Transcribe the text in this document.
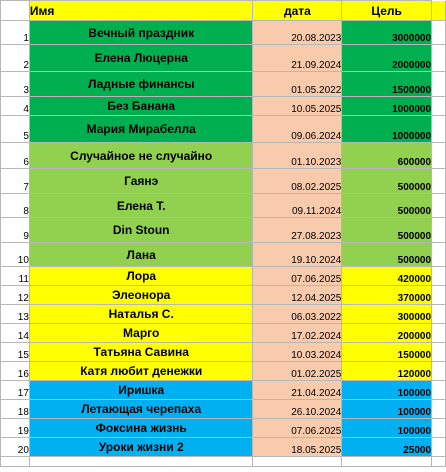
	Имя	дата	Цель	
1	Вечный праздник	20.08.2023	3000000	
2	Елена Люцерна	21.09.2024	2000000	
3	Ладные финансы	01.05.2022	1500000	
4	Без Банана	10.05.2025	1000000	
5	Мария Мирабелла	09.06.2024	1000000	
6	Случайное не случайно	01.10.2023	600000	
7	Гаянэ	08.02.2025	500000	
8	Елена Т.	09.11.2024	500000	
9	Din Stoun	27.08.2023	500000	
10	Лана	19.10.2024	500000	
11	Лора	07.06.2025	420000	
12	Элеонора	12.04.2025	370000	
13	Наталья С.	06.03.2022	300000	
14	Марго	17.02.2024	200000	
15	Татьяна Савина	10.03.2024	150000	
16	Катя любит денежки	01.02.2025	120000	
17	Иришка	21.04.2024	100000	
18	Летающая черепаха	26.10.2024	100000	
19	Фоксина жизнь	07.06.2025	100000	
20	Уроки жизни 2	18.05.2025	25000	
